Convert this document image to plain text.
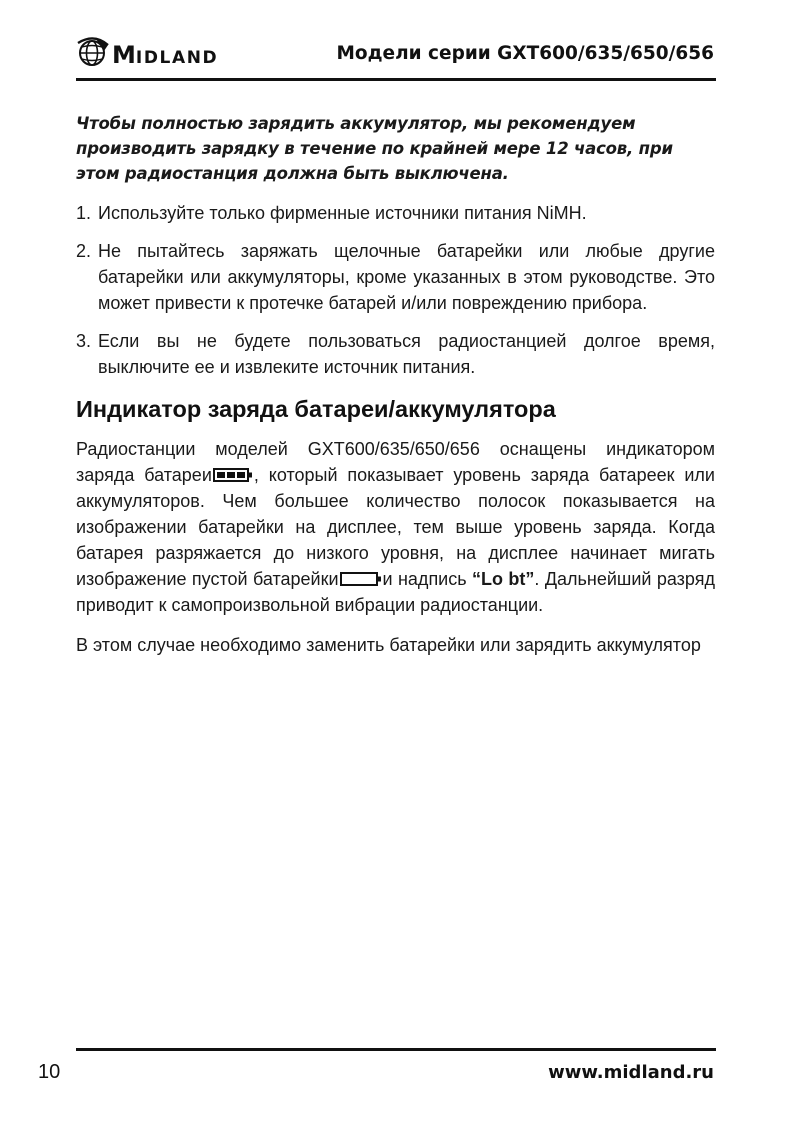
MIDLAND	Модели серии GXT600/635/650/656

Чтобы полностью зарядить аккумулятор, мы рекомендуем производить зарядку в течение по крайней мере 12 часов, при этом радиостанция должна быть выключена.

1. Используйте только фирменные источники питания NiMH.
2. Не пытайтесь заряжать щелочные батарейки или любые другие батарейки или аккумуляторы, кроме указанных в этом руководстве. Это может привести к протечке батарей и/или повреждению прибора.
3. Если вы не будете пользоваться радиостанцией долгое время, выключите ее и извлеките источник питания.
Индикатор заряда батареи/аккумулятора

Радиостанции моделей GXT600/635/650/656 оснащены индикатором заряда батареи , который показывает уровень заряда батареек или аккумуляторов. Чем большее количество полосок показывается на изображении батарейки на дисплее, тем выше уровень заряда. Когда батарея разряжается до низкого уровня, на дисплее начинает мигать изображение пустой батарейки и надпись “Lo bt”. Дальнейший разряд приводит к самопроизвольной вибрации радиостанции.

В этом случае необходимо заменить батарейки или зарядить аккумулятор

10	www.midland.ru
